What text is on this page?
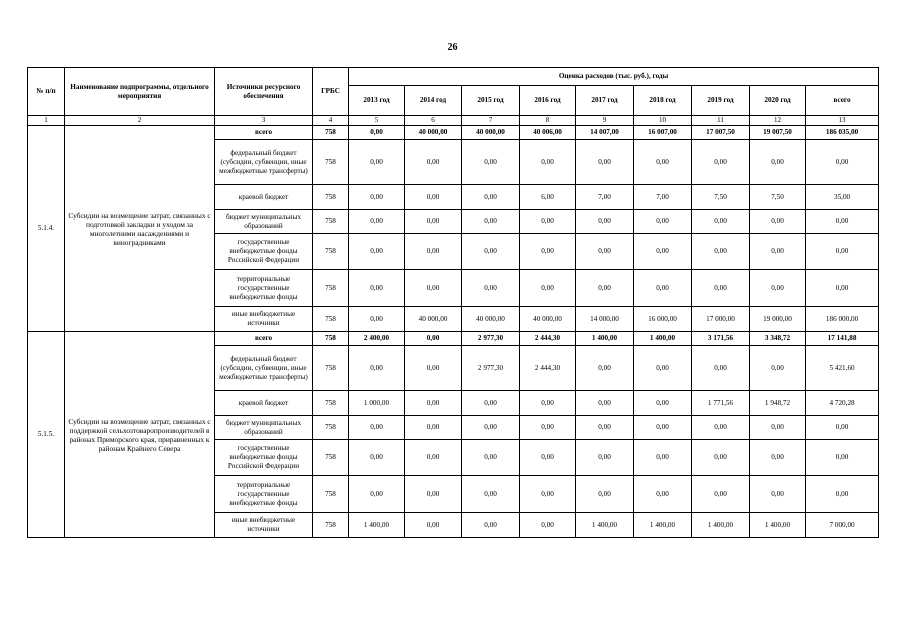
26
№ п/п	Наименование подпрограммы, отдельного мероприятия	Источники ресурсного обеспечения	ГРБС	Оценка расходов (тыс. руб.), годы								
				2013 год	2014 год	2015 год	2016 год	2017 год	2018 год	2019 год	2020 год	всего
1	2	3	4	5	6	7	8	9	10	11	12	13
5.1.4.	Субсидии на возмещение затрат, связанных с подготовкой закладки и уходом за многолетними насаждениями и виноградниками	всего	758	0,00	40 000,00	40 000,00	40 006,00	14 007,00	16 007,00	17 007,50	19 007,50	186 035,00
		федеральный бюджет (субсидии, субвенции, иные межбюджетные трансферты)	758	0,00	0,00	0,00	0,00	0,00	0,00	0,00	0,00	0,00
		краевой бюджет	758	0,00	0,00	0,00	6,00	7,00	7,00	7,50	7,50	35,00
		бюджет муниципальных образований	758	0,00	0,00	0,00	0,00	0,00	0,00	0,00	0,00	0,00
		государственные внебюджетные фонды Российской Федерации	758	0,00	0,00	0,00	0,00	0,00	0,00	0,00	0,00	0,00
		территориальные государственные внебюджетные фонды	758	0,00	0,00	0,00	0,00	0,00	0,00	0,00	0,00	0,00
		иные внебюджетные источники	758	0,00	40 000,00	40 000,00	40 000,00	14 000,00	16 000,00	17 000,00	19 000,00	186 000,00
5.1.5.	Субсидии на возмещение затрат, связанных с поддержкой сельхозтоваропроизводителей в районах Приморского края, приравненных к районам Крайнего Севера	всего	758	2 400,00	0,00	2 977,30	2 444,30	1 400,00	1 400,00	3 171,56	3 348,72	17 141,88
		федеральный бюджет (субсидии, субвенции, иные межбюджетные трансферты)	758	0,00	0,00	2 977,30	2 444,30	0,00	0,00	0,00	0,00	5 421,60
		краевой бюджет	758	1 000,00	0,00	0,00	0,00	0,00	0,00	1 771,56	1 948,72	4 720,28
		бюджет муниципальных образований	758	0,00	0,00	0,00	0,00	0,00	0,00	0,00	0,00	0,00
		государственные внебюджетные фонды Российской Федерации	758	0,00	0,00	0,00	0,00	0,00	0,00	0,00	0,00	0,00
		территориальные государственные внебюджетные фонды	758	0,00	0,00	0,00	0,00	0,00	0,00	0,00	0,00	0,00
		иные внебюджетные источники	758	1 400,00	0,00	0,00	0,00	1 400,00	1 400,00	1 400,00	1 400,00	7 000,00
